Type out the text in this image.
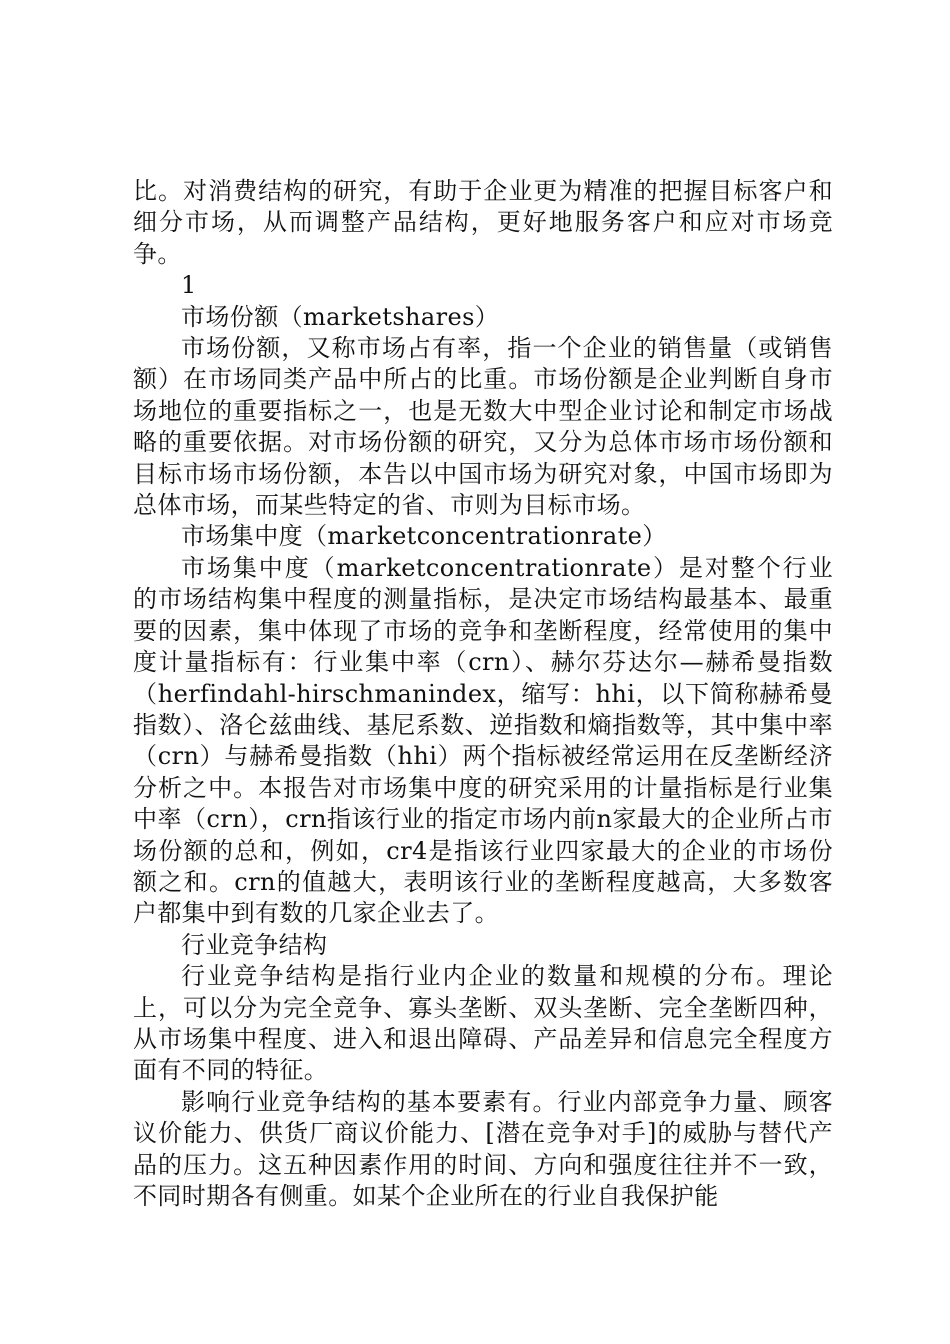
比。对消费结构的研究，有助于企业更为精准的把握目标客户和细分市场，从而调整产品结构，更好地服务客户和应对市场竞争。

1

市场份额（marketshares）

市场份额，又称市场占有率，指一个企业的销售量（或销售额）在市场同类产品中所占的比重。市场份额是企业判断自身市场地位的重要指标之一，也是无数大中型企业讨论和制定市场战略的重要依据。对市场份额的研究，又分为总体市场市场份额和目标市场市场份额，本告以中国市场为研究对象，中国市场即为总体市场，而某些特定的省、市则为目标市场。

市场集中度（marketconcentrationrate）

市场集中度（marketconcentrationrate）是对整个行业的市场结构集中程度的测量指标，是决定市场结构最基本、最重要的因素，集中体现了市场的竞争和垄断程度，经常使用的集中度计量指标有：行业集中率（crn）、赫尔芬达尔—赫希曼指数（herfindahl-hirschmanindex，缩写：hhi，以下简称赫希曼指数）、洛仑兹曲线、基尼系数、逆指数和熵指数等，其中集中率（crn）与赫希曼指数（hhi）两个指标被经常运用在反垄断经济分析之中。本报告对市场集中度的研究采用的计量指标是行业集中率（crn），crn指该行业的指定市场内前n家最大的企业所占市场份额的总和，例如，cr4是指该行业四家最大的企业的市场份额之和。crn的值越大，表明该行业的垄断程度越高，大多数客户都集中到有数的几家企业去了。

行业竞争结构

行业竞争结构是指行业内企业的数量和规模的分布。理论上，可以分为完全竞争、寡头垄断、双头垄断、完全垄断四种，从市场集中程度、进入和退出障碍、产品差异和信息完全程度方面有不同的特征。

影响行业竞争结构的基本要素有。行业内部竞争力量、顾客议价能力、供货厂商议价能力、[潜在竞争对手]的威胁与替代产品的压力。这五种因素作用的时间、方向和强度往往并不一致，不同时期各有侧重。如某个企业所在的行业自我保护能
